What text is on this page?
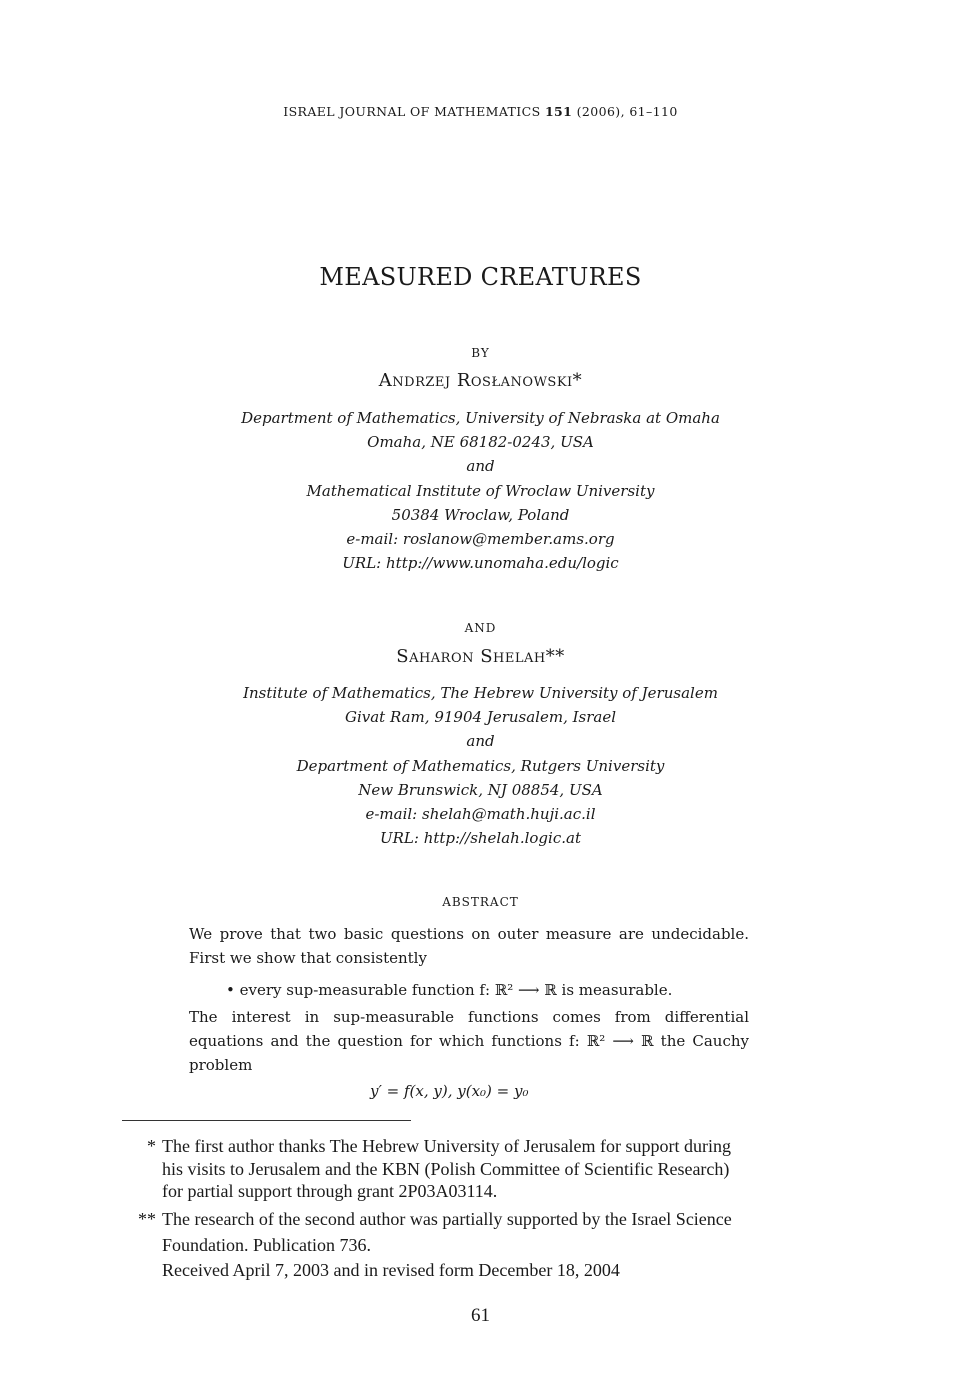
ISRAEL JOURNAL OF MATHEMATICS 151 (2006), 61–110
MEASURED CREATURES
BY
Andrzej Rosłanowski*
Department of Mathematics, University of Nebraska at Omaha
Omaha, NE 68182-0243, USA
and
Mathematical Institute of Wroclaw University
50384 Wroclaw, Poland
e-mail: roslanow@member.ams.org
URL: http://www.unomaha.edu/logic
AND
Saharon Shelah**
Institute of Mathematics, The Hebrew University of Jerusalem
Givat Ram, 91904 Jerusalem, Israel
and
Department of Mathematics, Rutgers University
New Brunswick, NJ 08854, USA
e-mail: shelah@math.huji.ac.il
URL: http://shelah.logic.at
ABSTRACT

We prove that two basic questions on outer measure are undecidable.

First we show that consistently

• every sup-measurable function f: ℝ² ⟶ ℝ is measurable.

The interest in sup-measurable functions comes from differential

equations and the question for which functions f: ℝ² ⟶ ℝ the Cauchy

problem

y′ = f(x, y), y(x₀) = y₀
* The first author thanks The Hebrew University of Jerusalem for support during
his visits to Jerusalem and the KBN (Polish Committee of Scientific Research)
for partial support through grant 2P03A03114.
** The research of the second author was partially supported by the Israel Science
Foundation. Publication 736.
Received April 7, 2003 and in revised form December 18, 2004
61
